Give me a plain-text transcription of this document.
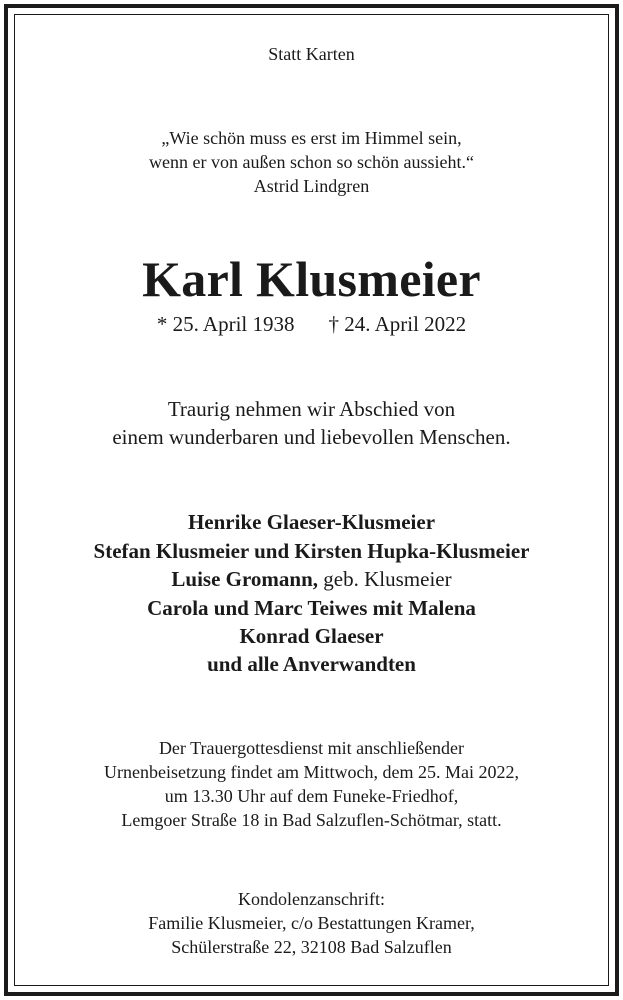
Statt Karten
„Wie schön muss es erst im Himmel sein,
wenn er von außen schon so schön aussieht.“
Astrid Lindgren
Karl Klusmeier
* 25. April 1938 † 24. April 2022
Traurig nehmen wir Abschied von
einem wunderbaren und liebevollen Menschen.
Henrike Glaeser-Klusmeier
Stefan Klusmeier und Kirsten Hupka-Klusmeier
Luise Gromann, geb. Klusmeier
Carola und Marc Teiwes mit Malena
Konrad Glaeser
und alle Anverwandten
Der Trauergottesdienst mit anschließender
Urnenbeisetzung findet am Mittwoch, dem 25. Mai 2022,
um 13.30 Uhr auf dem Funeke-Friedhof,
Lemgoer Straße 18 in Bad Salzuflen-Schötmar, statt.
Kondolenzanschrift:
Familie Klusmeier, c/o Bestattungen Kramer,
Schülerstraße 22, 32108 Bad Salzuflen
